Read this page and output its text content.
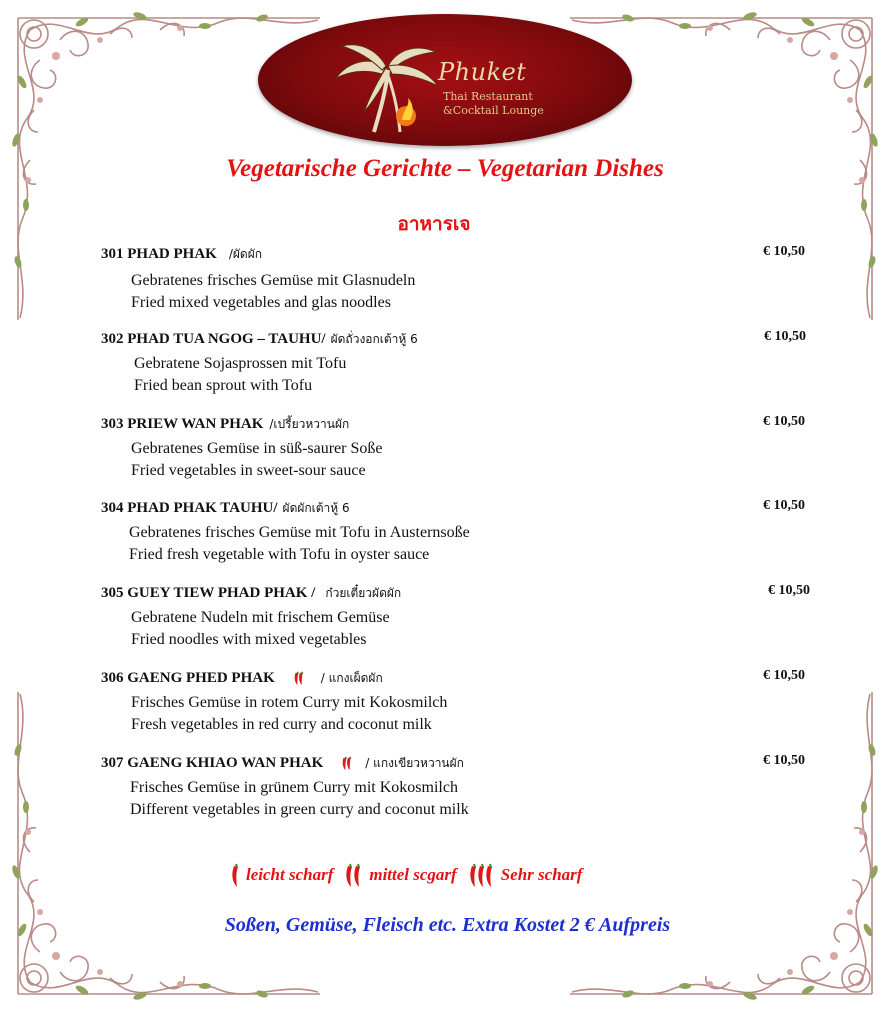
Phuket
Thai Restaurant
&Cocktail Lounge
Vegetarische Gerichte – Vegetarian Dishes
อาหารเจ
301 PHAD PHAK /ผัดผัก	€ 10,50
Gebratenes frisches Gemüse mit Glasnudeln
Fried mixed vegetables and glas noodles
302 PHAD TUA NGOG – TAUHU/ ผัดถั่วงอกเต้าหู้ 6	€ 10,50
Gebratene Sojasprossen mit Tofu
Fried bean sprout with Tofu
303 PRIEW WAN PHAK /เปรี้ยวหวานผัก	€ 10,50
Gebratenes Gemüse in süß-saurer Soße
Fried vegetables in sweet-sour sauce
304 PHAD PHAK TAUHU/ ผัดผักเต้าหู้ 6	€ 10,50
Gebratenes frisches Gemüse mit Tofu in Austernsoße
Fried fresh vegetable with Tofu in oyster sauce
305 GUEY TIEW PHAD PHAK / ก๋วยเตี๋ยวผัดผัก	€ 10,50
Gebratene Nudeln mit frischem Gemüse
Fried noodles with mixed vegetables
306 GAENG PHED PHAK	/ แกงเผ็ดผัก	€ 10,50
Frisches Gemüse in rotem Curry mit Kokosmilch
Fresh vegetables in red curry and coconut milk
307 GAENG KHIAO WAN PHAK	/ แกงเขียวหวานผัก	€ 10,50
Frisches Gemüse in grünem Curry mit Kokosmilch
Different vegetables in green curry and coconut milk
leicht scharf mittel scgarf	Sehr scharf
Soßen, Gemüse, Fleisch etc. Extra Kostet 2 € Aufpreis
